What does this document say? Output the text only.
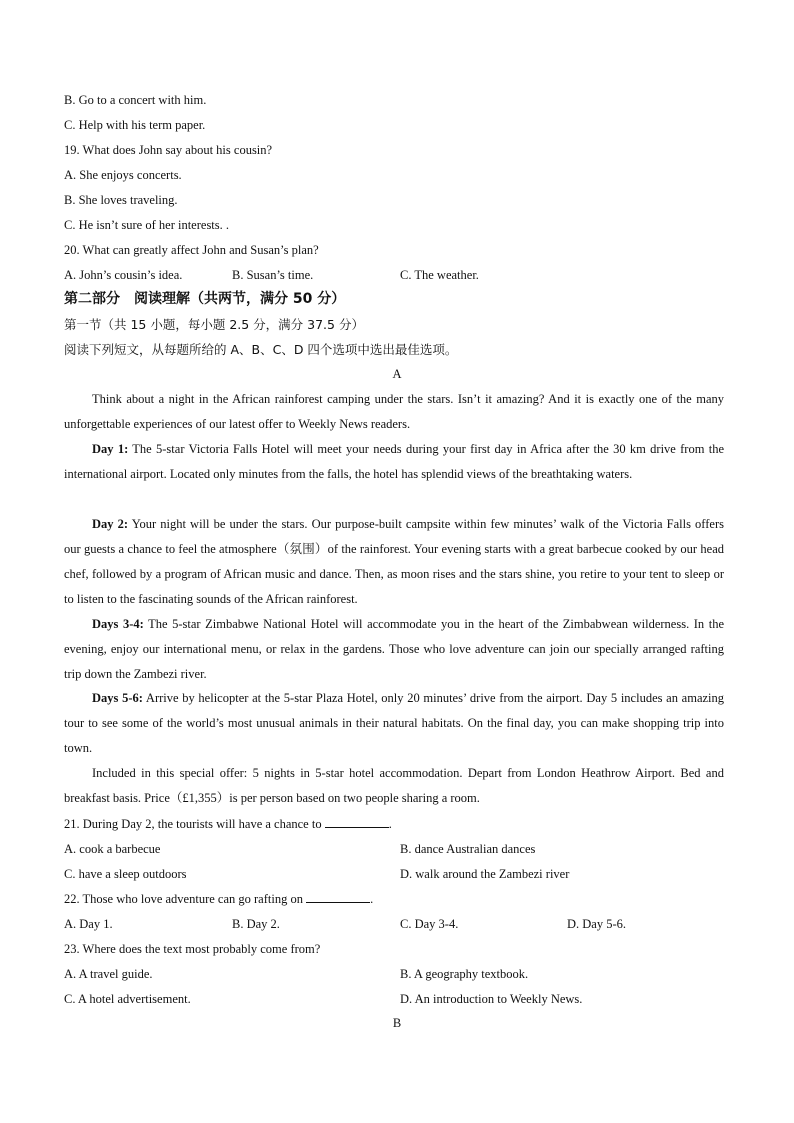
B. Go to a concert with him.
C. Help with his term paper.
19. What does John say about his cousin?
A. She enjoys concerts.
B. She loves traveling.
C. He isn’t sure of her interests. .
20. What can greatly affect John and Susan’s plan?
A. John’s cousin’s idea.	B. Susan’s time.	C. The weather.
第二部分　阅读理解（共两节，满分 50 分）
第一节（共 15 小题，每小题 2.5 分，满分 37.5 分）
阅读下列短文，从每题所给的 A、B、C、D 四个选项中选出最佳选项。
A

Think about a night in the African rainforest camping under the stars. Isn’t it amazing? And it is exactly one of the many unforgettable experiences of our latest offer to Weekly News readers.

Day 1: The 5-star Victoria Falls Hotel will meet your needs during your first day in Africa after the 30 km drive from the international airport. Located only minutes from the falls, the hotel has splendid views of the breathtaking waters.

Day 2: Your night will be under the stars. Our purpose-built campsite within few minutes’ walk of the Victoria Falls offers our guests a chance to feel the atmosphere（氛围）of the rainforest. Your evening starts with a great barbecue cooked by our head chef, followed by a program of African music and dance. Then, as moon rises and the stars shine, you retire to your tent to sleep or to listen to the fascinating sounds of the African rainforest.

Days 3-4: The 5-star Zimbabwe National Hotel will accommodate you in the heart of the Zimbabwean wilderness. In the evening, enjoy our international menu, or relax in the gardens. Those who love adventure can join our specially arranged rafting trip down the Zambezi river.

Days 5-6: Arrive by helicopter at the 5-star Plaza Hotel, only 20 minutes’ drive from the airport. Day 5 includes an amazing tour to see some of the world’s most unusual animals in their natural habitats. On the final day, you can make shopping trip into town.

Included in this special offer: 5 nights in 5-star hotel accommodation. Depart from London Heathrow Airport. Bed and breakfast basis. Price（£1,355）is per person based on two people sharing a room.

21. During Day 2, the tourists will have a chance to	.
A. cook a barbecue	B. dance Australian dances
C. have a sleep outdoors	D. walk around the Zambezi river
22. Those who love adventure can go rafting on	.
A. Day 1.	B. Day 2.	C. Day 3-4.	D. Day 5-6.
23. Where does the text most probably come from?
A. A travel guide.	B. A geography textbook.
C. A hotel advertisement.	D. An introduction to Weekly News.
B
